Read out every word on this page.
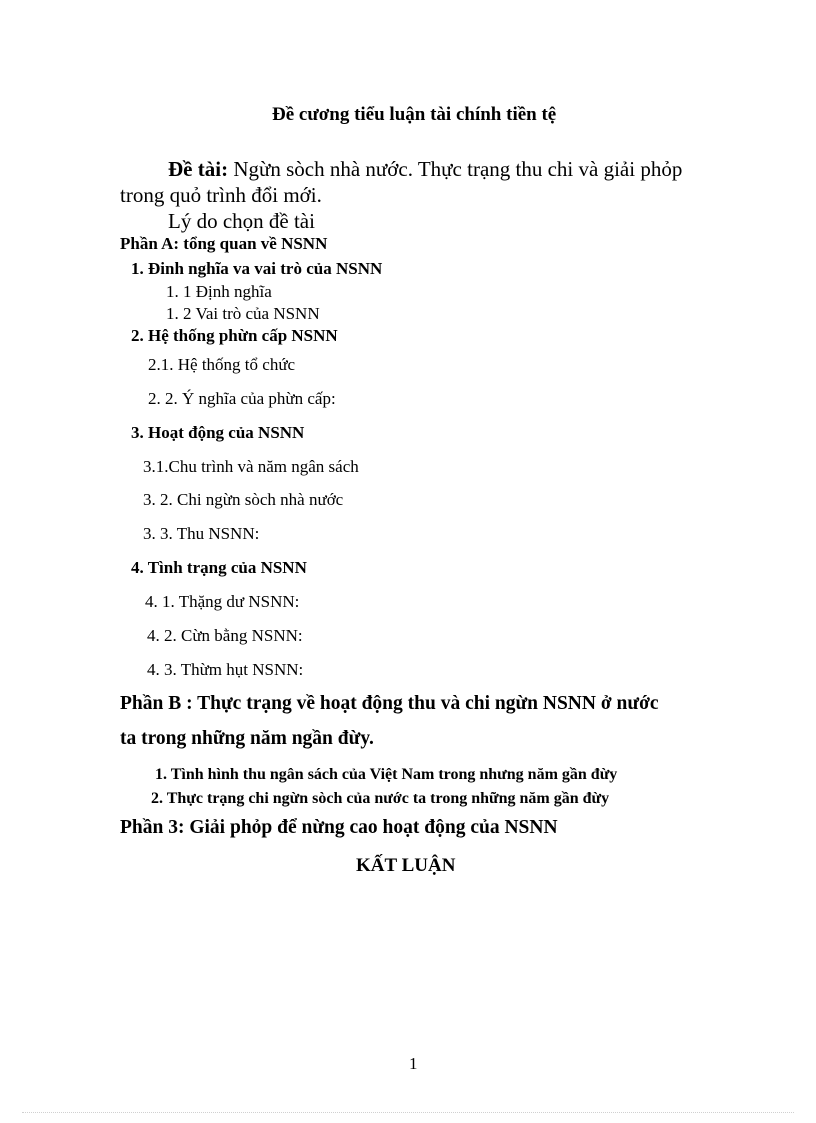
Đề cương tiểu luận tài chính tiền tệ

Đề tài: Ngừn sòch nhà nước. Thực trạng thu chi và giải phỏp

trong quỏ trình đổi mới.

Lý do chọn đề tài

Phần A: tổng quan về NSNN

1. Đinh nghĩa va vai trò của NSNN

1. 1 Định nghĩa

1. 2 Vai trò của NSNN

2. Hệ thống phừn cấp NSNN

2.1. Hệ thống tổ chức

2. 2. Ý nghĩa của phừn cấp:

3. Hoạt động của NSNN

3.1.Chu trình và năm ngân sách

3. 2. Chi ngừn sòch nhà nước

3. 3. Thu NSNN:

4. Tình trạng của NSNN

4. 1. Thặng dư NSNN:

4. 2. Cừn bằng NSNN:

4. 3. Thừm hụt NSNN:

Phần B : Thực trạng về hoạt động thu và chi ngừn NSNN ở nước

ta trong những năm ngần đừy.

1. Tình hình thu ngân sách của Việt Nam trong nhưng năm gần đừy

2. Thực trạng chi ngừn sòch của nước ta trong những năm gần đừy

Phần 3: Giải phỏp để nừng cao hoạt động của NSNN

KẤT LUẬN

1
